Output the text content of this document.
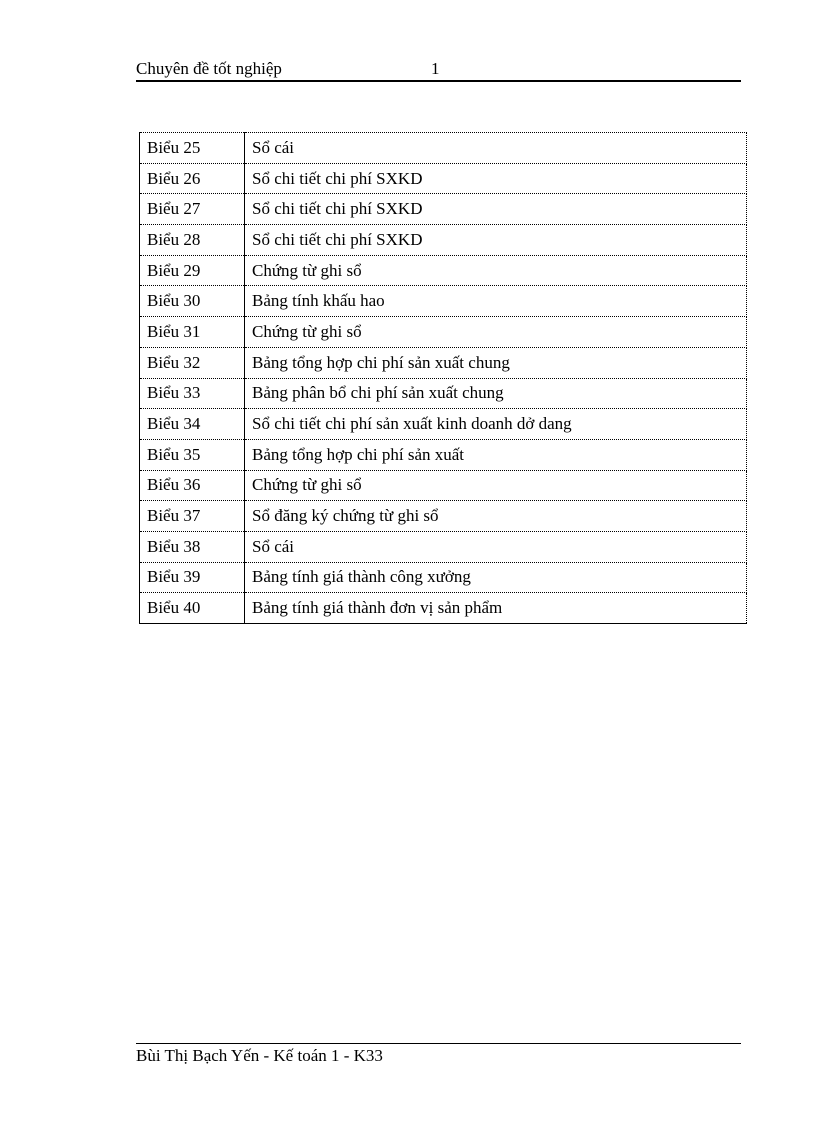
Chuyên đề tốt nghiệp	1
Biểu 25	Sổ cái
Biểu 26	Sổ chi tiết chi phí SXKD
Biểu 27	Sổ chi tiết chi phí SXKD
Biểu 28	Sổ chi tiết chi phí SXKD
Biểu 29	Chứng từ ghi sổ
Biểu 30	Bảng tính khấu hao
Biểu 31	Chứng từ ghi sổ
Biểu 32	Bảng tổng hợp chi phí sản xuất chung
Biểu 33	Bảng phân bổ chi phí sản xuất chung
Biểu 34	Sổ chi tiết chi phí sản xuất kinh doanh dở dang
Biểu 35	Bảng tổng hợp chi phí sản xuất
Biểu 36	Chứng từ ghi sổ
Biểu 37	Sổ đăng ký chứng từ ghi sổ
Biểu 38	Sổ cái
Biểu 39	Bảng tính giá thành công xưởng
Biểu 40	Bảng tính giá thành đơn vị sản phẩm
Bùi Thị Bạch Yến - Kế toán 1 - K33
